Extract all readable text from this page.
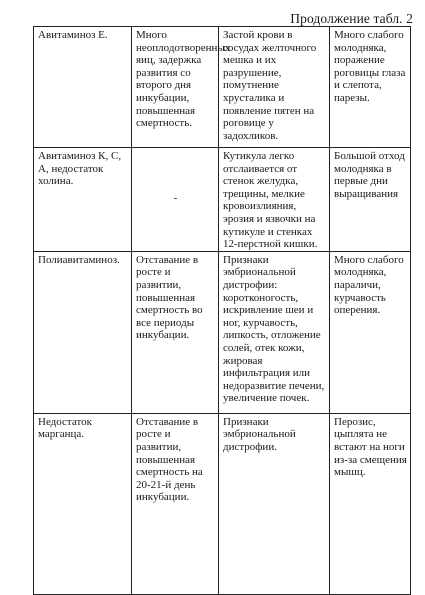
Продолжение табл. 2
Авитаминоз Е.	Много неоплодотворенных яиц, задержка развития со второго дня инкубации, повышенная смертность.	Застой крови в сосудах желточного мешка и их разрушение, помутнение хрусталика и появление пятен на роговице у задохликов.	Много слабого молодняка, поражение роговицы глаза и слепота, парезы.
Авитаминоз К, С, А, недостаток холина.	-	Кутикула легко отслаивается от стенок желудка, трещины, мелкие кровоизлияния, эрозия и язвочки на кутикуле и стенках 12-перстной кишки.	Большой отход молодняка в первые дни выращивания
Полиавитаминоз.	Отставание в росте и развитии, повышенная смертность во все периоды инкубации.	Признаки эмбриональной дистрофии: коротконогость, искривление шеи и ног, курчавость, липкость, отложение солей, отек кожи, жировая инфильтрация или недоразвитие печени, увеличение почек.	Много слабого молодняка, параличи, курчавость оперения.
Недостаток марганца.	Отставание в росте и развитии, повышенная смертность на 20-21-й день инкубации.	Признаки эмбриональной дистрофии.	Перозис, цыплята не встают на ноги из-за смещения мышц.
